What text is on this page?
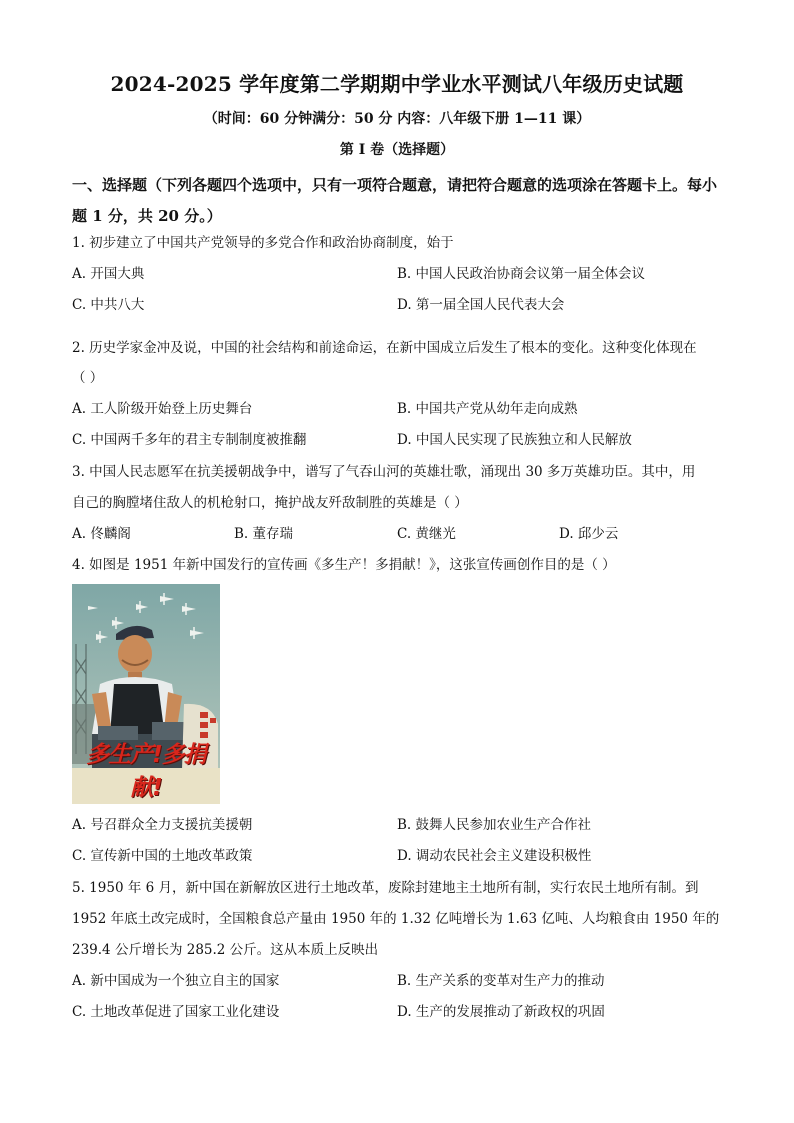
2024-2025 学年度第二学期期中学业水平测试八年级历史试题
（时间：60 分钟满分：50 分 内容：八年级下册 1—11 课）
第 I 卷（选择题）
一、选择题（下列各题四个选项中，只有一项符合题意，请把符合题意的选项涂在答题卡上。每小题 1 分，共 20 分。）
1. 初步建立了中国共产党领导的多党合作和政治协商制度，始于
A. 开国大典	B. 中国人民政治协商会议第一届全体会议
C. 中共八大	D. 第一届全国人民代表大会
2. 历史学家金冲及说，中国的社会结构和前途命运，在新中国成立后发生了根本的变化。这种变化体现在
（ ）
A. 工人阶级开始登上历史舞台	B. 中国共产党从幼年走向成熟
C. 中国两千多年的君主专制制度被推翻	D. 中国人民实现了民族独立和人民解放
3. 中国人民志愿军在抗美援朝战争中，谱写了气吞山河的英雄壮歌，涌现出 30 多万英雄功臣。其中，用
自己的胸膛堵住敌人的机枪射口，掩护战友歼敌制胜的英雄是（ ）
A. 佟麟阁	B. 董存瑞	C. 黄继光	D. 邱少云
4. 如图是 1951 年新中国发行的宣传画《多生产！多捐献！》，这张宣传画创作目的是（ ）
多生产!多捐献!
A. 号召群众全力支援抗美援朝	B. 鼓舞人民参加农业生产合作社
C. 宣传新中国的土地改革政策	D. 调动农民社会主义建设积极性
5. 1950 年 6 月，新中国在新解放区进行土地改革，废除封建地主土地所有制，实行农民土地所有制。到
1952 年底土改完成时，全国粮食总产量由 1950 年的 1.32 亿吨增长为 1.63 亿吨、人均粮食由 1950 年的
239.4 公斤增长为 285.2 公斤。这从本质上反映出
A. 新中国成为一个独立自主的国家	B. 生产关系的变革对生产力的推动
C. 土地改革促进了国家工业化建设	D. 生产的发展推动了新政权的巩固
